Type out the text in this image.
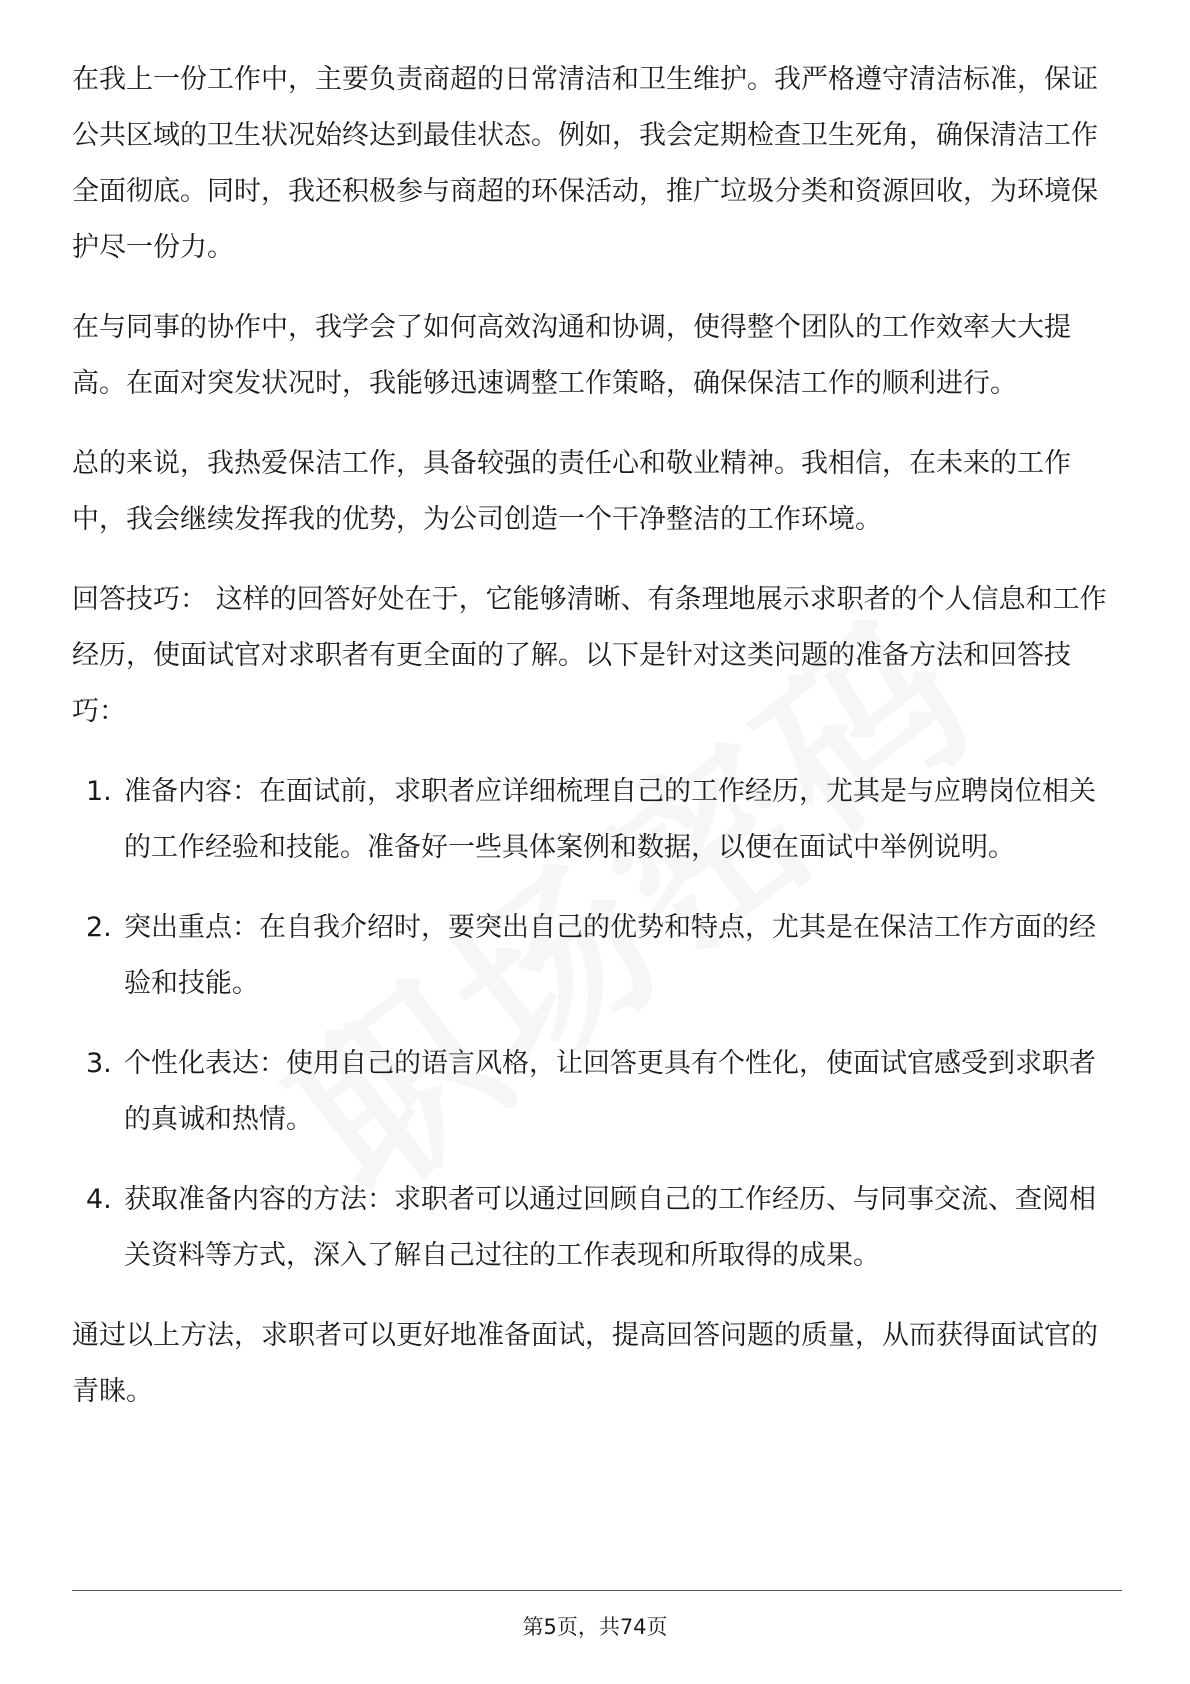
在我上一份工作中，主要负责商超的日常清洁和卫生维护。我严格遵守清洁标准，保证公共区域的卫生状况始终达到最佳状态。例如，我会定期检查卫生死角，确保清洁工作全面彻底。同时，我还积极参与商超的环保活动，推广垃圾分类和资源回收，为环境保护尽一份力。

在与同事的协作中，我学会了如何高效沟通和协调，使得整个团队的工作效率大大提高。在面对突发状况时，我能够迅速调整工作策略，确保保洁工作的顺利进行。

总的来说，我热爱保洁工作，具备较强的责任心和敬业精神。我相信，在未来的工作中，我会继续发挥我的优势，为公司创造一个干净整洁的工作环境。

回答技巧： 这样的回答好处在于，它能够清晰、有条理地展示求职者的个人信息和工作经历，使面试官对求职者有更全面的了解。以下是针对这类问题的准备方法和回答技巧：

1. 准备内容：在面试前，求职者应详细梳理自己的工作经历，尤其是与应聘岗位相关的工作经验和技能。准备好一些具体案例和数据，以便在面试中举例说明。
2. 突出重点：在自我介绍时，要突出自己的优势和特点，尤其是在保洁工作方面的经验和技能。
3. 个性化表达：使用自己的语言风格，让回答更具有个性化，使面试官感受到求职者的真诚和热情。
4. 获取准备内容的方法：求职者可以通过回顾自己的工作经历、与同事交流、查阅相关资料等方式，深入了解自己过往的工作表现和所取得的成果。

通过以上方法，求职者可以更好地准备面试，提高回答问题的质量，从而获得面试官的青睐。

第5页，共74页
